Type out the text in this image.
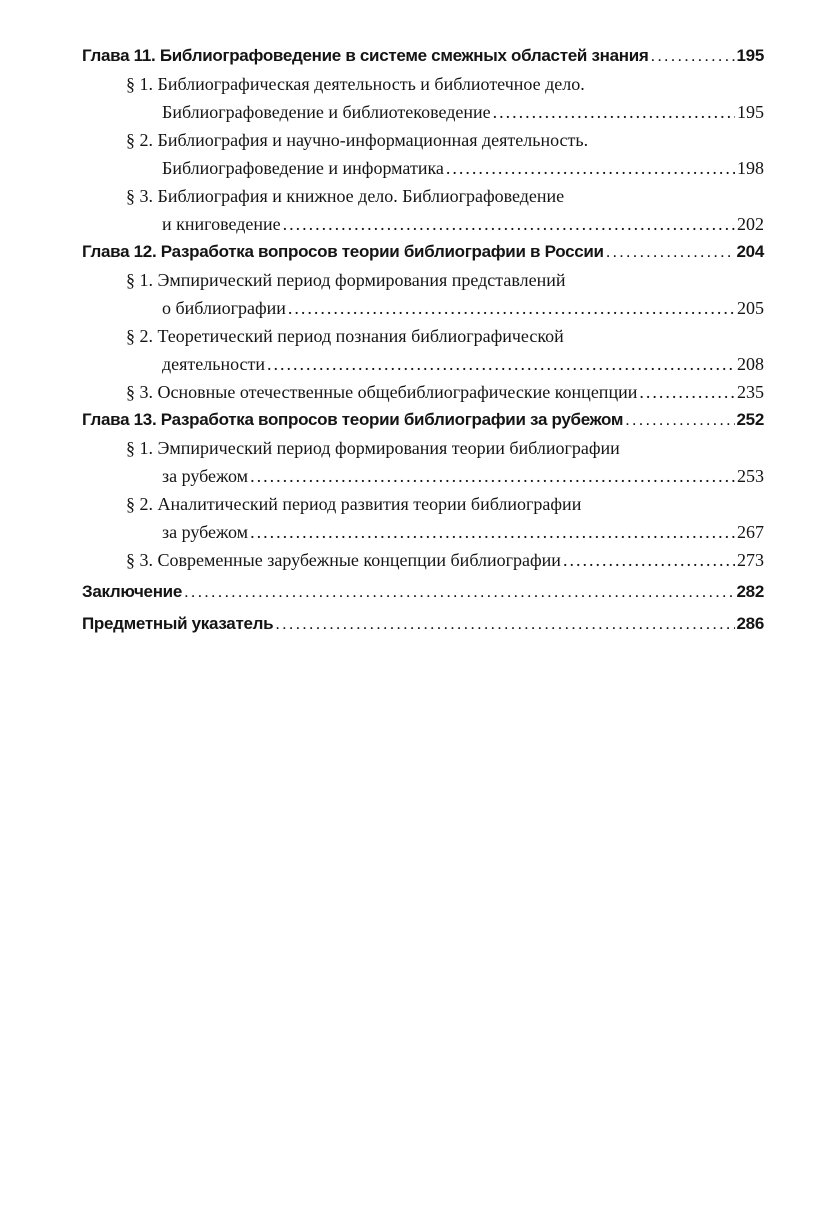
Глава 11. Библиографоведение в системе смежных областей знания .....	195
§ 1. Библиографическая деятельность и библиотечное дело.
Библиографоведение и библиотековедение .....	195
§ 2. Библиография и научно-информационная деятельность.
Библиографоведение и информатика .....	198
§ 3. Библиография и книжное дело. Библиографоведение
и книговедение .....	202
Глава 12. Разработка вопросов теории библиографии в России .....	204
§ 1. Эмпирический период формирования представлений
о библиографии .....	205
§ 2. Теоретический период познания библиографической
деятельности .....	208
§ 3. Основные отечественные общебиблиографические концепции .....	235
Глава 13. Разработка вопросов теории библиографии за рубежом .....	252
§ 1. Эмпирический период формирования теории библиографии
за рубежом .....	253
§ 2. Аналитический период развития теории библиографии
за рубежом .....	267
§ 3. Современные зарубежные концепции библиографии .....	273
Заключение .....	282
Предметный указатель .....	286
